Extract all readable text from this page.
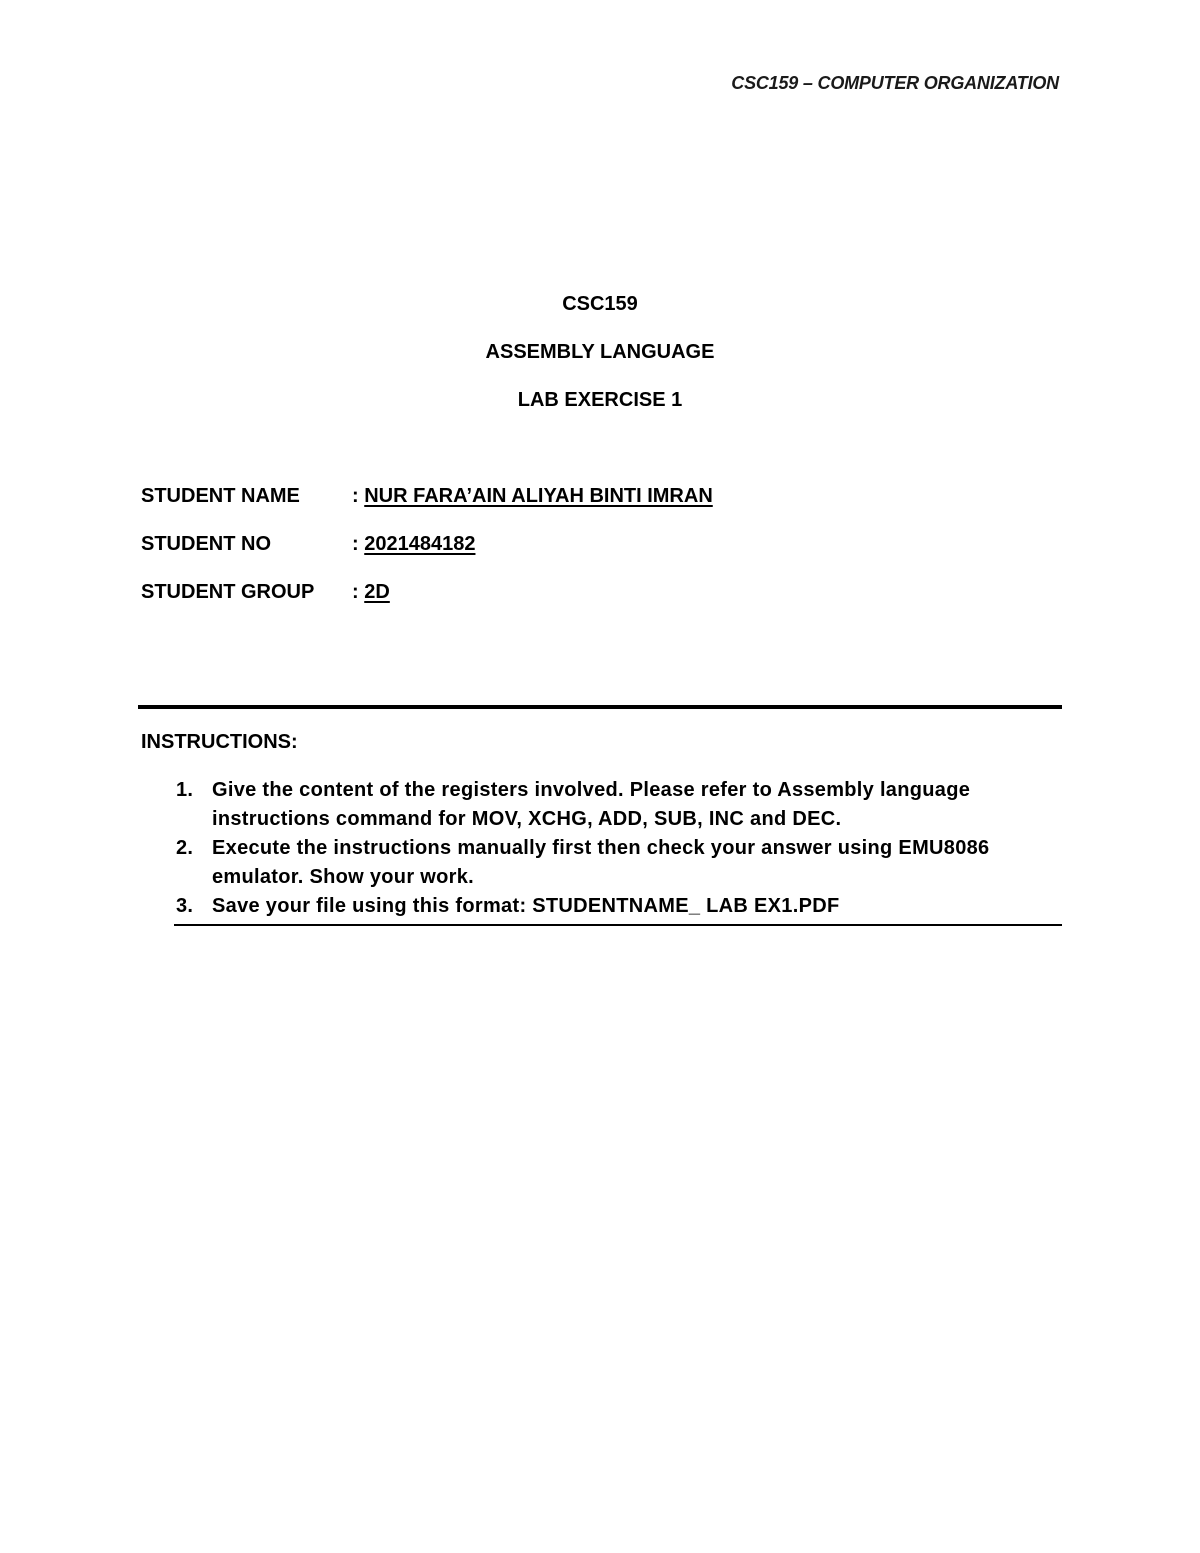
CSC159 – COMPUTER ORGANIZATION
CSC159
ASSEMBLY LANGUAGE
LAB EXERCISE 1
STUDENT NAME	: NUR FARA’AIN ALIYAH BINTI IMRAN
STUDENT NO	: 2021484182
STUDENT GROUP : 2D
INSTRUCTIONS:
1. Give the content of the registers involved. Please refer to Assembly language instructions command for MOV, XCHG, ADD, SUB, INC and DEC.
2. Execute the instructions manually first then check your answer using EMU8086 emulator. Show your work.
3. Save your file using this format: STUDENTNAME_ LAB EX1.PDF
